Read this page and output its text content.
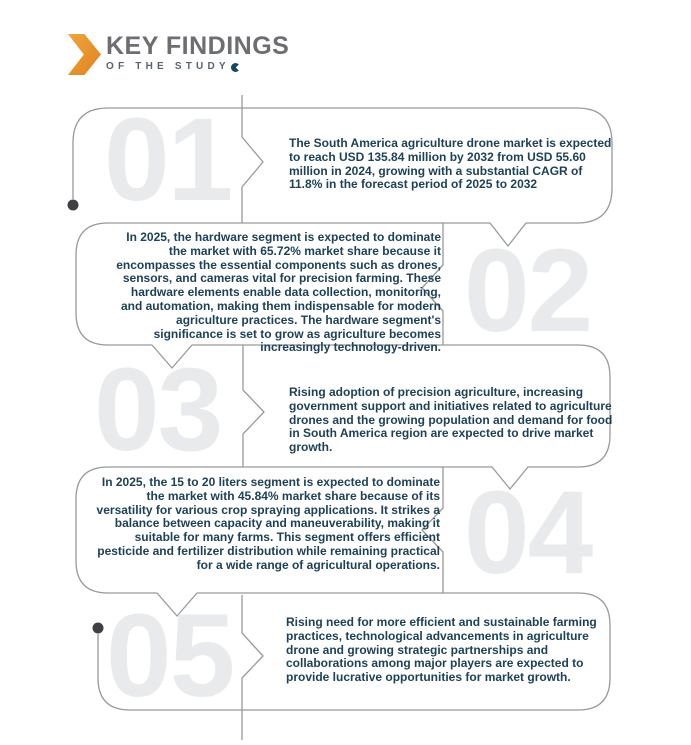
KEY FINDINGS
OF THE STUDY
01
02
03
04
05
The South America agriculture drone market is expected to reach USD 135.84 million by 2032 from USD 55.60 million in 2024, growing with a substantial CAGR of 11.8% in the forecast period of 2025 to 2032
In 2025, the hardware segment is expected to dominate the market with 65.72% market share because it encompasses the essential components such as drones, sensors, and cameras vital for precision farming. These hardware elements enable data collection, monitoring, and automation, making them indispensable for modern agriculture practices. The hardware segment's significance is set to grow as agriculture becomes increasingly technology-driven.
Rising adoption of precision agriculture, increasing government support and initiatives related to agriculture drones and the growing population and demand for food in South America region are expected to drive market growth.
In 2025, the 15 to 20 liters segment is expected to dominate the market with 45.84% market share because of its versatility for various crop spraying applications. It strikes a balance between capacity and maneuverability, making it suitable for many farms. This segment offers efficient pesticide and fertilizer distribution while remaining practical for a wide range of agricultural operations.
Rising need for more efficient and sustainable farming practices, technological advancements in agriculture drone and growing strategic partnerships and collaborations among major players are expected to provide lucrative opportunities for market growth.
